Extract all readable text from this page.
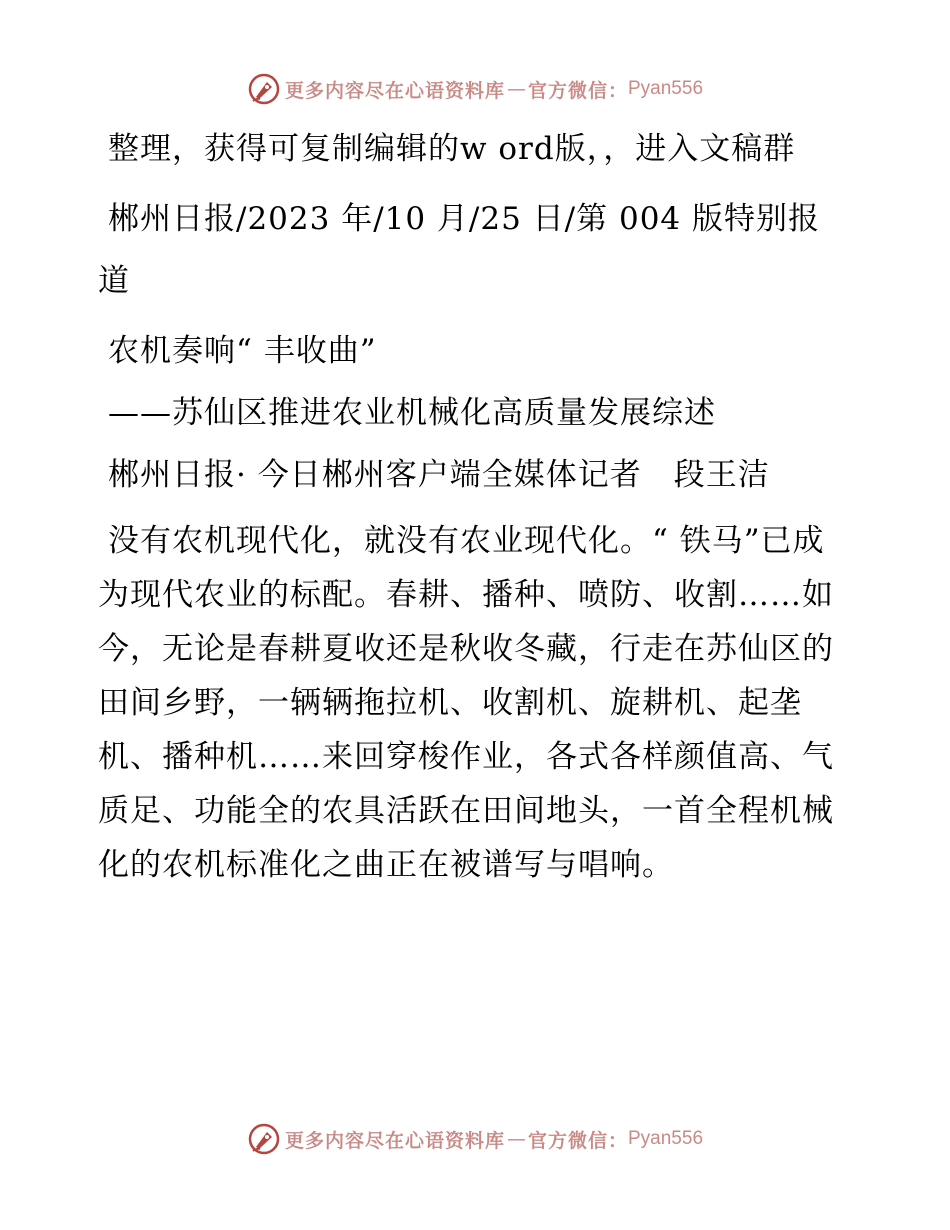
更多内容尽在心语资料库 — 官方微信： Pyan556

整理，获得可复制编辑的w ord版，，进入文稿群

郴州日报/2023 年/10 月/25 日/第 004 版特别报道

农机奏响“ 丰收曲”

——苏仙区推进农业机械化高质量发展综述

郴州日报· 今日郴州客户端全媒体记者　段王洁

没有农机现代化，就没有农业现代化。“ 铁马”已成为现代农业的标配。春耕、播种、喷防、收割……如今，无论是春耕夏收还是秋收冬藏，行走在苏仙区的田间乡野，一辆辆拖拉机、收割机、旋耕机、起垄机、播种机……来回穿梭作业，各式各样颜值高、气质足、功能全的农具活跃在田间地头，一首全程机械化的农机标准化之曲正在被谱写与唱响。

更多内容尽在心语资料库 — 官方微信： Pyan556
